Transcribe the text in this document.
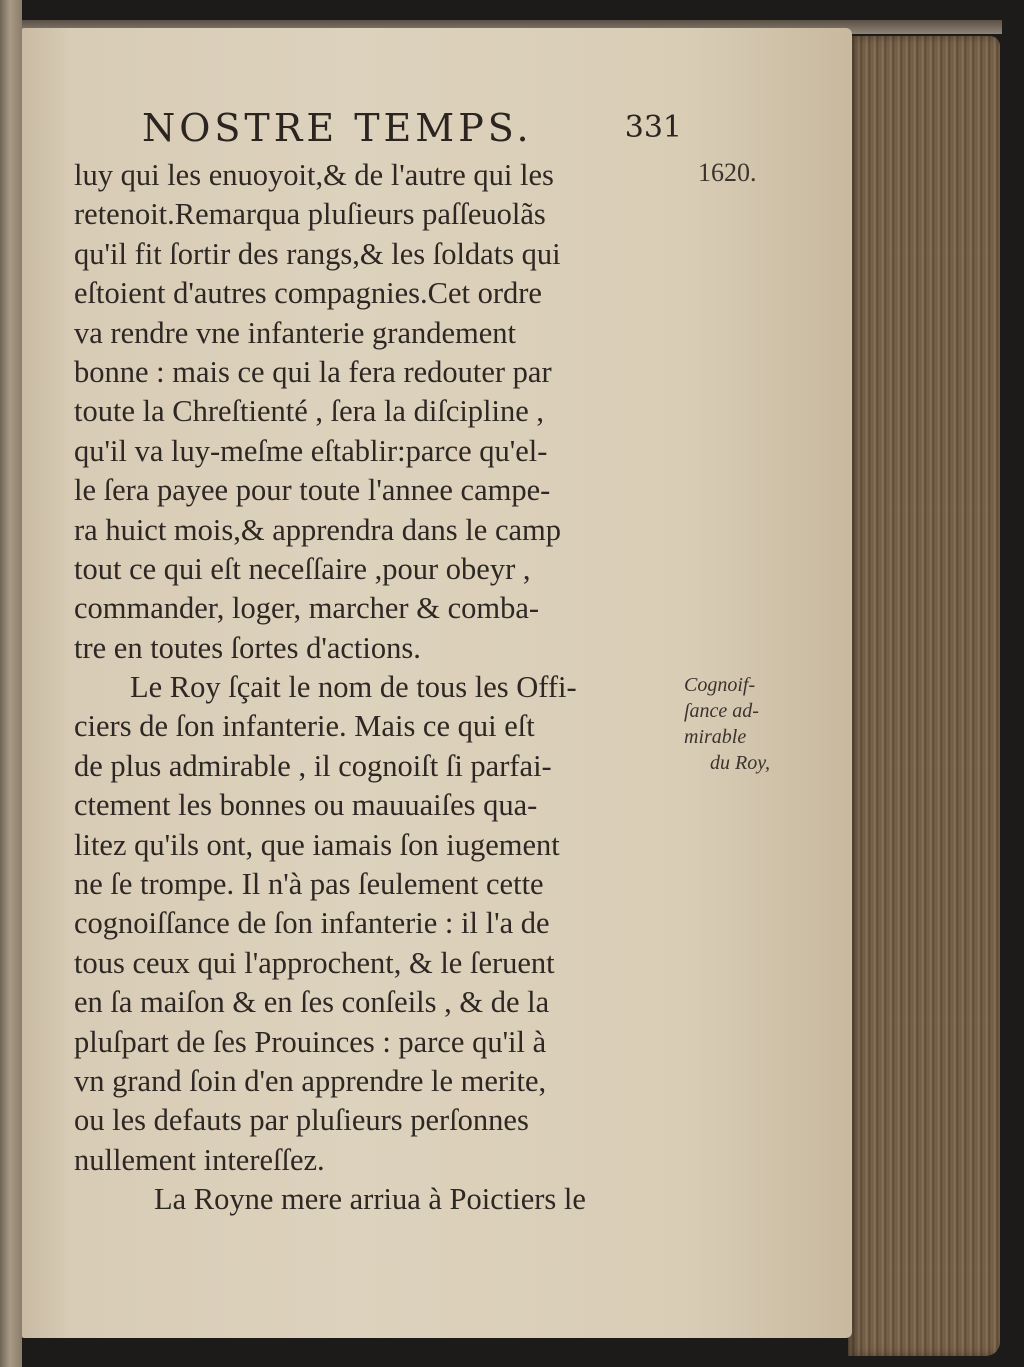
NOSTRE TEMPS.	331
1620.
Cognoif-
ſance ad-
mirable
du Roy,
luy qui les enuoyoit,& de l'autre qui les
retenoit.Remarqua pluſieurs paſſeuolãs
qu'il fit ſortir des rangs,& les ſoldats qui
eſtoient d'autres compagnies.Cet ordre
va rendre vne infanterie grandement
bonne : mais ce qui la fera redouter par
toute la Chreſtienté , ſera la diſcipline ,
qu'il va luy-meſme eſtablir:parce qu'el-
le ſera payee pour toute l'annee campe-
ra huict mois,& apprendra dans le camp
tout ce qui eſt neceſſaire ,pour obeyr ,
commander, loger, marcher & comba-
tre en toutes ſortes d'actions.
Le Roy ſçait le nom de tous les Offi-
ciers de ſon infanterie. Mais ce qui eſt
de plus admirable , il cognoiſt ſi parfai-
ctement les bonnes ou mauuaiſes qua-
litez qu'ils ont, que iamais ſon iugement
ne ſe trompe. Il n'à pas ſeulement cette
cognoiſſance de ſon infanterie : il l'a de
tous ceux qui l'approchent, & le ſeruent
en ſa maiſon & en ſes conſeils , & de la
pluſpart de ſes Prouinces : parce qu'il à
vn grand ſoin d'en apprendre le merite,
ou les defauts par pluſieurs perſonnes
nullement intereſſez.
La Royne mere arriua à Poictiers le
